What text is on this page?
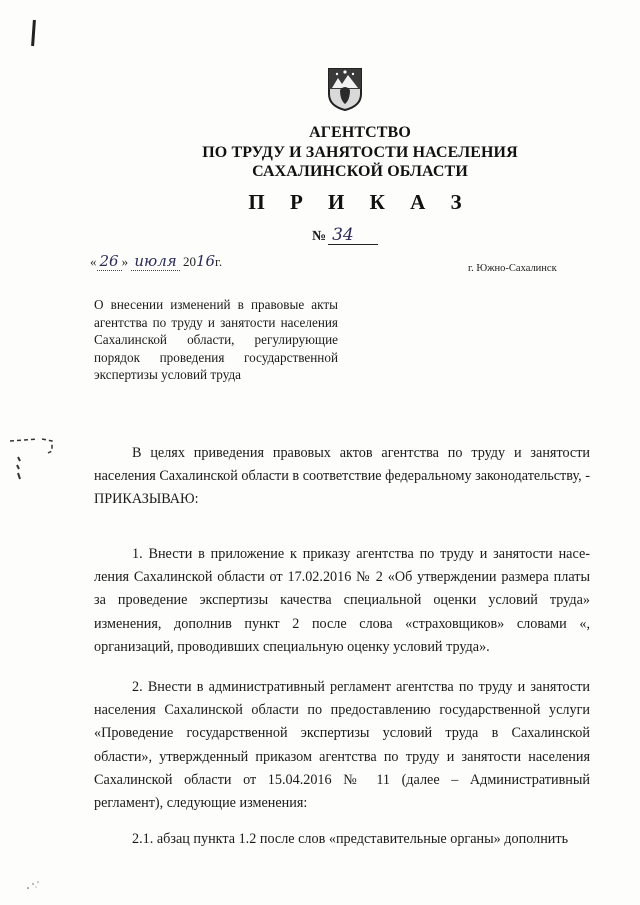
АГЕНТСТВО
ПО ТРУДУ И ЗАНЯТОСТИ НАСЕЛЕНИЯ
САХАЛИНСКОЙ ОБЛАСТИ
П Р И К А З
№ 34
« 26 » июля 2016г.	г. Южно-Сахалинск
О внесении изменений в правовые акты агентства по труду и занятости населения Сахалинской области, регулирующие порядок проведения государственной экспертизы условий труда
В целях приведения правовых актов агентства по труду и занятости населения Сахалинской области в соответствие федеральному законодательству, - ПРИКАЗЫВАЮ:
1. Внести в приложение к приказу агентства по труду и занятости населения Сахалинской области от 17.02.2016 № 2 «Об утверждении размера платы за проведение экспертизы качества специальной оценки условий труда» изменения, дополнив пункт 2 после слова «страховщиков» словами «, организаций, проводивших специальную оценку условий труда».
2. Внести в административный регламент агентства по труду и занятости населения Сахалинской области по предоставлению государственной услуги «Проведение государственной экспертизы условий труда в Сахалинской области», утвержденный приказом агентства по труду и занятости населения Сахалинской области от 15.04.2016 № 11 (далее – Административный регламент), следующие изменения:
2.1. абзац пункта 1.2 после слов «представительные органы» дополнить
